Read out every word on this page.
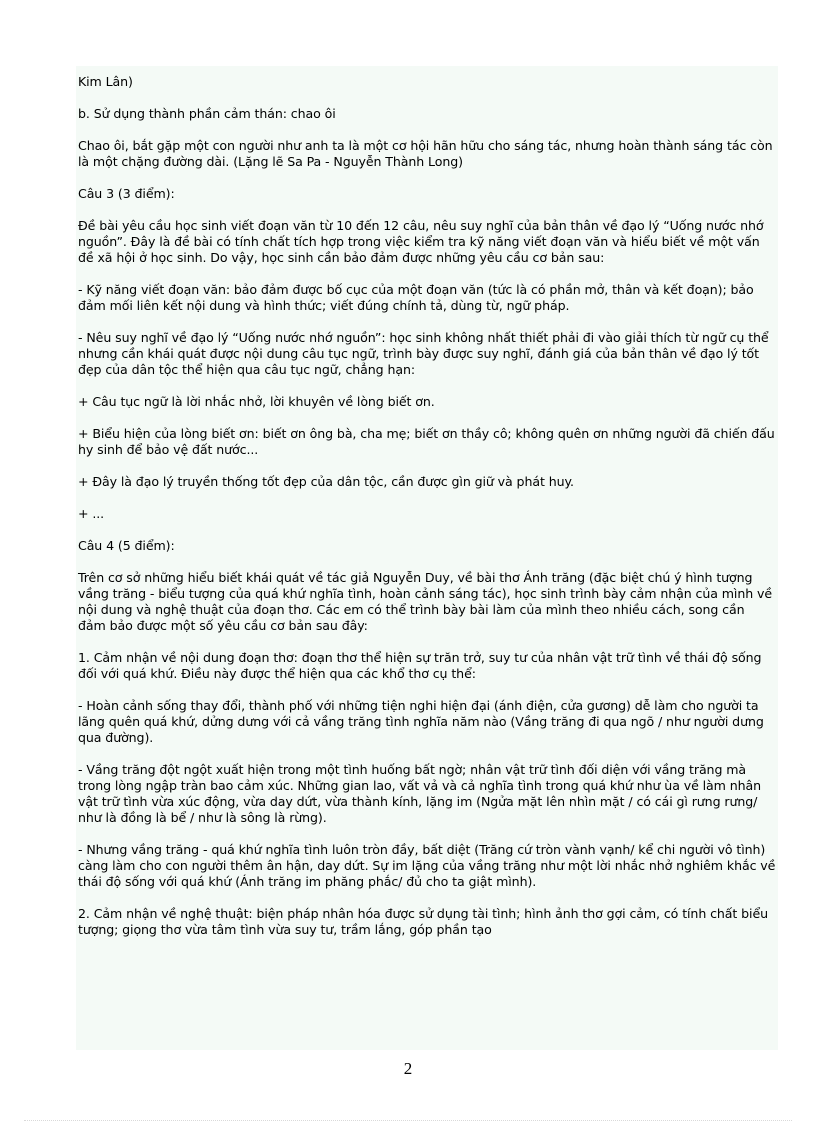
Kim Lân)

b. Sử dụng thành phần cảm thán: chao ôi

Chao ôi, bắt gặp một con người như anh ta là một cơ hội hãn hữu cho sáng tác, nhưng hoàn thành sáng tác còn là một chặng đường dài. (Lặng lẽ Sa Pa - Nguyễn Thành Long)

Câu 3 (3 điểm):

Đề bài yêu cầu học sinh viết đoạn văn từ 10 đến 12 câu, nêu suy nghĩ của bản thân về đạo lý “Uống nước nhớ nguồn”. Đây là đề bài có tính chất tích hợp trong việc kiểm tra kỹ năng viết đoạn văn và hiểu biết về một vấn đề xã hội ở học sinh. Do vậy, học sinh cần bảo đảm được những yêu cầu cơ bản sau:

- Kỹ năng viết đoạn văn: bảo đảm được bố cục của một đoạn văn (tức là có phần mở, thân và kết đoạn); bảo đảm mối liên kết nội dung và hình thức; viết đúng chính tả, dùng từ, ngữ pháp.

- Nêu suy nghĩ về đạo lý “Uống nước nhớ nguồn”: học sinh không nhất thiết phải đi vào giải thích từ ngữ cụ thể nhưng cần khái quát được nội dung câu tục ngữ, trình bày được suy nghĩ, đánh giá của bản thân về đạo lý tốt đẹp của dân tộc thể hiện qua câu tục ngữ, chẳng hạn:

+ Câu tục ngữ là lời nhắc nhở, lời khuyên về lòng biết ơn.

+ Biểu hiện của lòng biết ơn: biết ơn ông bà, cha mẹ; biết ơn thầy cô; không quên ơn những người đã chiến đấu hy sinh để bảo vệ đất nước...

+ Đây là đạo lý truyền thống tốt đẹp của dân tộc, cần được gìn giữ và phát huy.

+ ...

Câu 4 (5 điểm):

Trên cơ sở những hiểu biết khái quát về tác giả Nguyễn Duy, về bài thơ Ánh trăng (đặc biệt chú ý hình tượng vầng trăng - biểu tượng của quá khứ nghĩa tình, hoàn cảnh sáng tác), học sinh trình bày cảm nhận của mình về nội dung và nghệ thuật của đoạn thơ. Các em có thể trình bày bài làm của mình theo nhiều cách, song cần đảm bảo được một số yêu cầu cơ bản sau đây:

1. Cảm nhận về nội dung đoạn thơ: đoạn thơ thể hiện sự trăn trở, suy tư của nhân vật trữ tình về thái độ sống đối với quá khứ. Điều này được thể hiện qua các khổ thơ cụ thể:

- Hoàn cảnh sống thay đổi, thành phố với những tiện nghi hiện đại (ánh điện, cửa gương) dễ làm cho người ta lãng quên quá khứ, dửng dưng với cả vầng trăng tình nghĩa năm nào (Vầng trăng đi qua ngõ / như người dưng qua đường).

- Vầng trăng đột ngột xuất hiện trong một tình huống bất ngờ; nhân vật trữ tình đối diện với vầng trăng mà trong lòng ngập tràn bao cảm xúc. Những gian lao, vất vả và cả nghĩa tình trong quá khứ như ùa về làm nhân vật trữ tình vừa xúc động, vừa day dứt, vừa thành kính, lặng im (Ngửa mặt lên nhìn mặt / có cái gì rưng rưng/ như là đồng là bể / như là sông là rừng).

- Nhưng vầng trăng - quá khứ nghĩa tình luôn tròn đầy, bất diệt (Trăng cứ tròn vành vạnh/ kể chi người vô tình) càng làm cho con người thêm ân hận, day dứt. Sự im lặng của vầng trăng như một lời nhắc nhở nghiêm khắc về thái độ sống với quá khứ (Ánh trăng im phăng phắc/ đủ cho ta giật mình).

2. Cảm nhận về nghệ thuật: biện pháp nhân hóa được sử dụng tài tình; hình ảnh thơ gợi cảm, có tính chất biểu tượng; giọng thơ vừa tâm tình vừa suy tư, trầm lắng, góp phần tạo

2
